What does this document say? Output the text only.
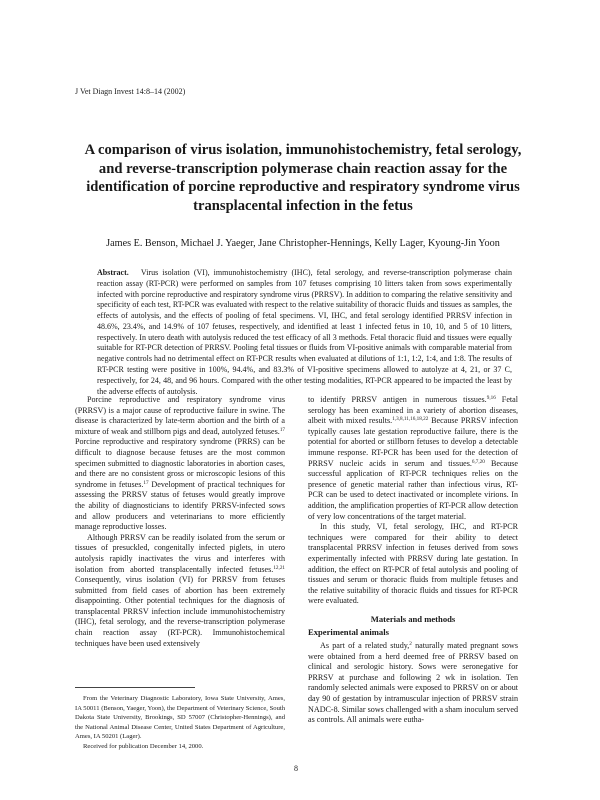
J Vet Diagn Invest 14:8–14 (2002)
A comparison of virus isolation, immunohistochemistry, fetal serology, and reverse-transcription polymerase chain reaction assay for the identification of porcine reproductive and respiratory syndrome virus transplacental infection in the fetus
James E. Benson, Michael J. Yaeger, Jane Christopher-Hennings, Kelly Lager, Kyoung-Jin Yoon

Abstract. Virus isolation (VI), immunohistochemistry (IHC), fetal serology, and reverse-transcription polymerase chain reaction assay (RT-PCR) were performed on samples from 107 fetuses comprising 10 litters taken from sows experimentally infected with porcine reproductive and respiratory syndrome virus (PRRSV). In addition to comparing the relative sensitivity and specificity of each test, RT-PCR was evaluated with respect to the relative suitability of thoracic fluids and tissues as samples, the effects of autolysis, and the effects of pooling of fetal specimens. VI, IHC, and fetal serology identified PRRSV infection in 48.6%, 23.4%, and 14.9% of 107 fetuses, respectively, and identified at least 1 infected fetus in 10, 10, and 5 of 10 litters, respectively. In utero death with autolysis reduced the test efficacy of all 3 methods. Fetal thoracic fluid and tissues were equally suitable for RT-PCR detection of PRRSV. Pooling fetal tissues or fluids from VI-positive animals with comparable material from negative controls had no detrimental effect on RT-PCR results when evaluated at dilutions of 1:1, 1:2, 1:4, and 1:8. The results of RT-PCR testing were positive in 100%, 94.4%, and 83.3% of VI-positive specimens allowed to autolyze at 4, 21, or 37 C, respectively, for 24, 48, and 96 hours. Compared with the other testing modalities, RT-PCR appeared to be impacted the least by the adverse effects of autolysis.

Porcine reproductive and respiratory syndrome virus (PRRSV) is a major cause of reproductive failure in swine. The disease is characterized by late-term abortion and the birth of a mixture of weak and stillborn pigs and dead, autolyzed fetuses.$^{17}$ Porcine reproductive and respiratory syndrome (PRRS) can be difficult to diagnose because fetuses are the most common specimen submitted to diagnostic laboratories in abortion cases, and there are no consistent gross or microscopic lesions of this syndrome in fetuses.$^{17}$ Development of practical techniques for assessing the PRRSV status of fetuses would greatly improve the ability of diagnosticians to identify PRRSV-infected sows and allow producers and veterinarians to more efficiently manage reproductive losses.

Although PRRSV can be readily isolated from the serum or tissues of presuckled, congenitally infected piglets, in utero autolysis rapidly inactivates the virus and interferes with isolation from aborted transplacentally infected fetuses.$^{12,21}$ Consequently, virus isolation (VI) for PRRSV from fetuses submitted from field cases of abortion has been extremely disappointing. Other potential techniques for the diagnosis of transplacental PRRSV infection include immunohistochemistry (IHC), fetal serology, and the reverse-transcription polymerase chain reaction assay (RT-PCR). Immunohistochemical techniques have been used extensively

to identify PRRSV antigen in numerous tissues.$^{9,16}$ Fetal serology has been examined in a variety of abortion diseases, albeit with mixed results.$^{1,3,8,11,16,18,22}$ Because PRRSV infection typically causes late gestation reproductive failure, there is the potential for aborted or stillborn fetuses to develop a detectable immune response. RT-PCR has been used for the detection of PRRSV nucleic acids in serum and tissues.$^{6,7,20}$ Because successful application of RT-PCR techniques relies on the presence of genetic material rather than infectious virus, RT-PCR can be used to detect inactivated or incomplete virions. In addition, the amplification properties of RT-PCR allow detection of very low concentrations of the target material.

In this study, VI, fetal serology, IHC, and RT-PCR techniques were compared for their ability to detect transplacental PRRSV infection in fetuses derived from sows experimentally infected with PRRSV during late gestation. In addition, the effect on RT-PCR of fetal autolysis and pooling of tissues and serum or thoracic fluids from multiple fetuses and the relative suitability of thoracic fluids and tissues for RT-PCR were evaluated.

Materials and methods
Experimental animals

As part of a related study,$^2$ naturally mated pregnant sows were obtained from a herd deemed free of PRRSV based on clinical and serologic history. Sows were seronegative for PRRSV at purchase and following 2 wk in isolation. Ten randomly selected animals were exposed to PRRSV on or about day 90 of gestation by intramuscular injection of PRRSV strain NADC-8. Similar sows challenged with a sham inoculum served as controls. All animals were eutha-

From the Veterinary Diagnostic Laboratory, Iowa State University, Ames, IA 50011 (Benson, Yaeger, Yoon), the Department of Veterinary Science, South Dakota State University, Brookings, SD 57007 (Christopher-Hennings), and the National Animal Disease Center, United States Department of Agriculture, Ames, IA 50201 (Lager).

Received for publication December 14, 2000.

8
